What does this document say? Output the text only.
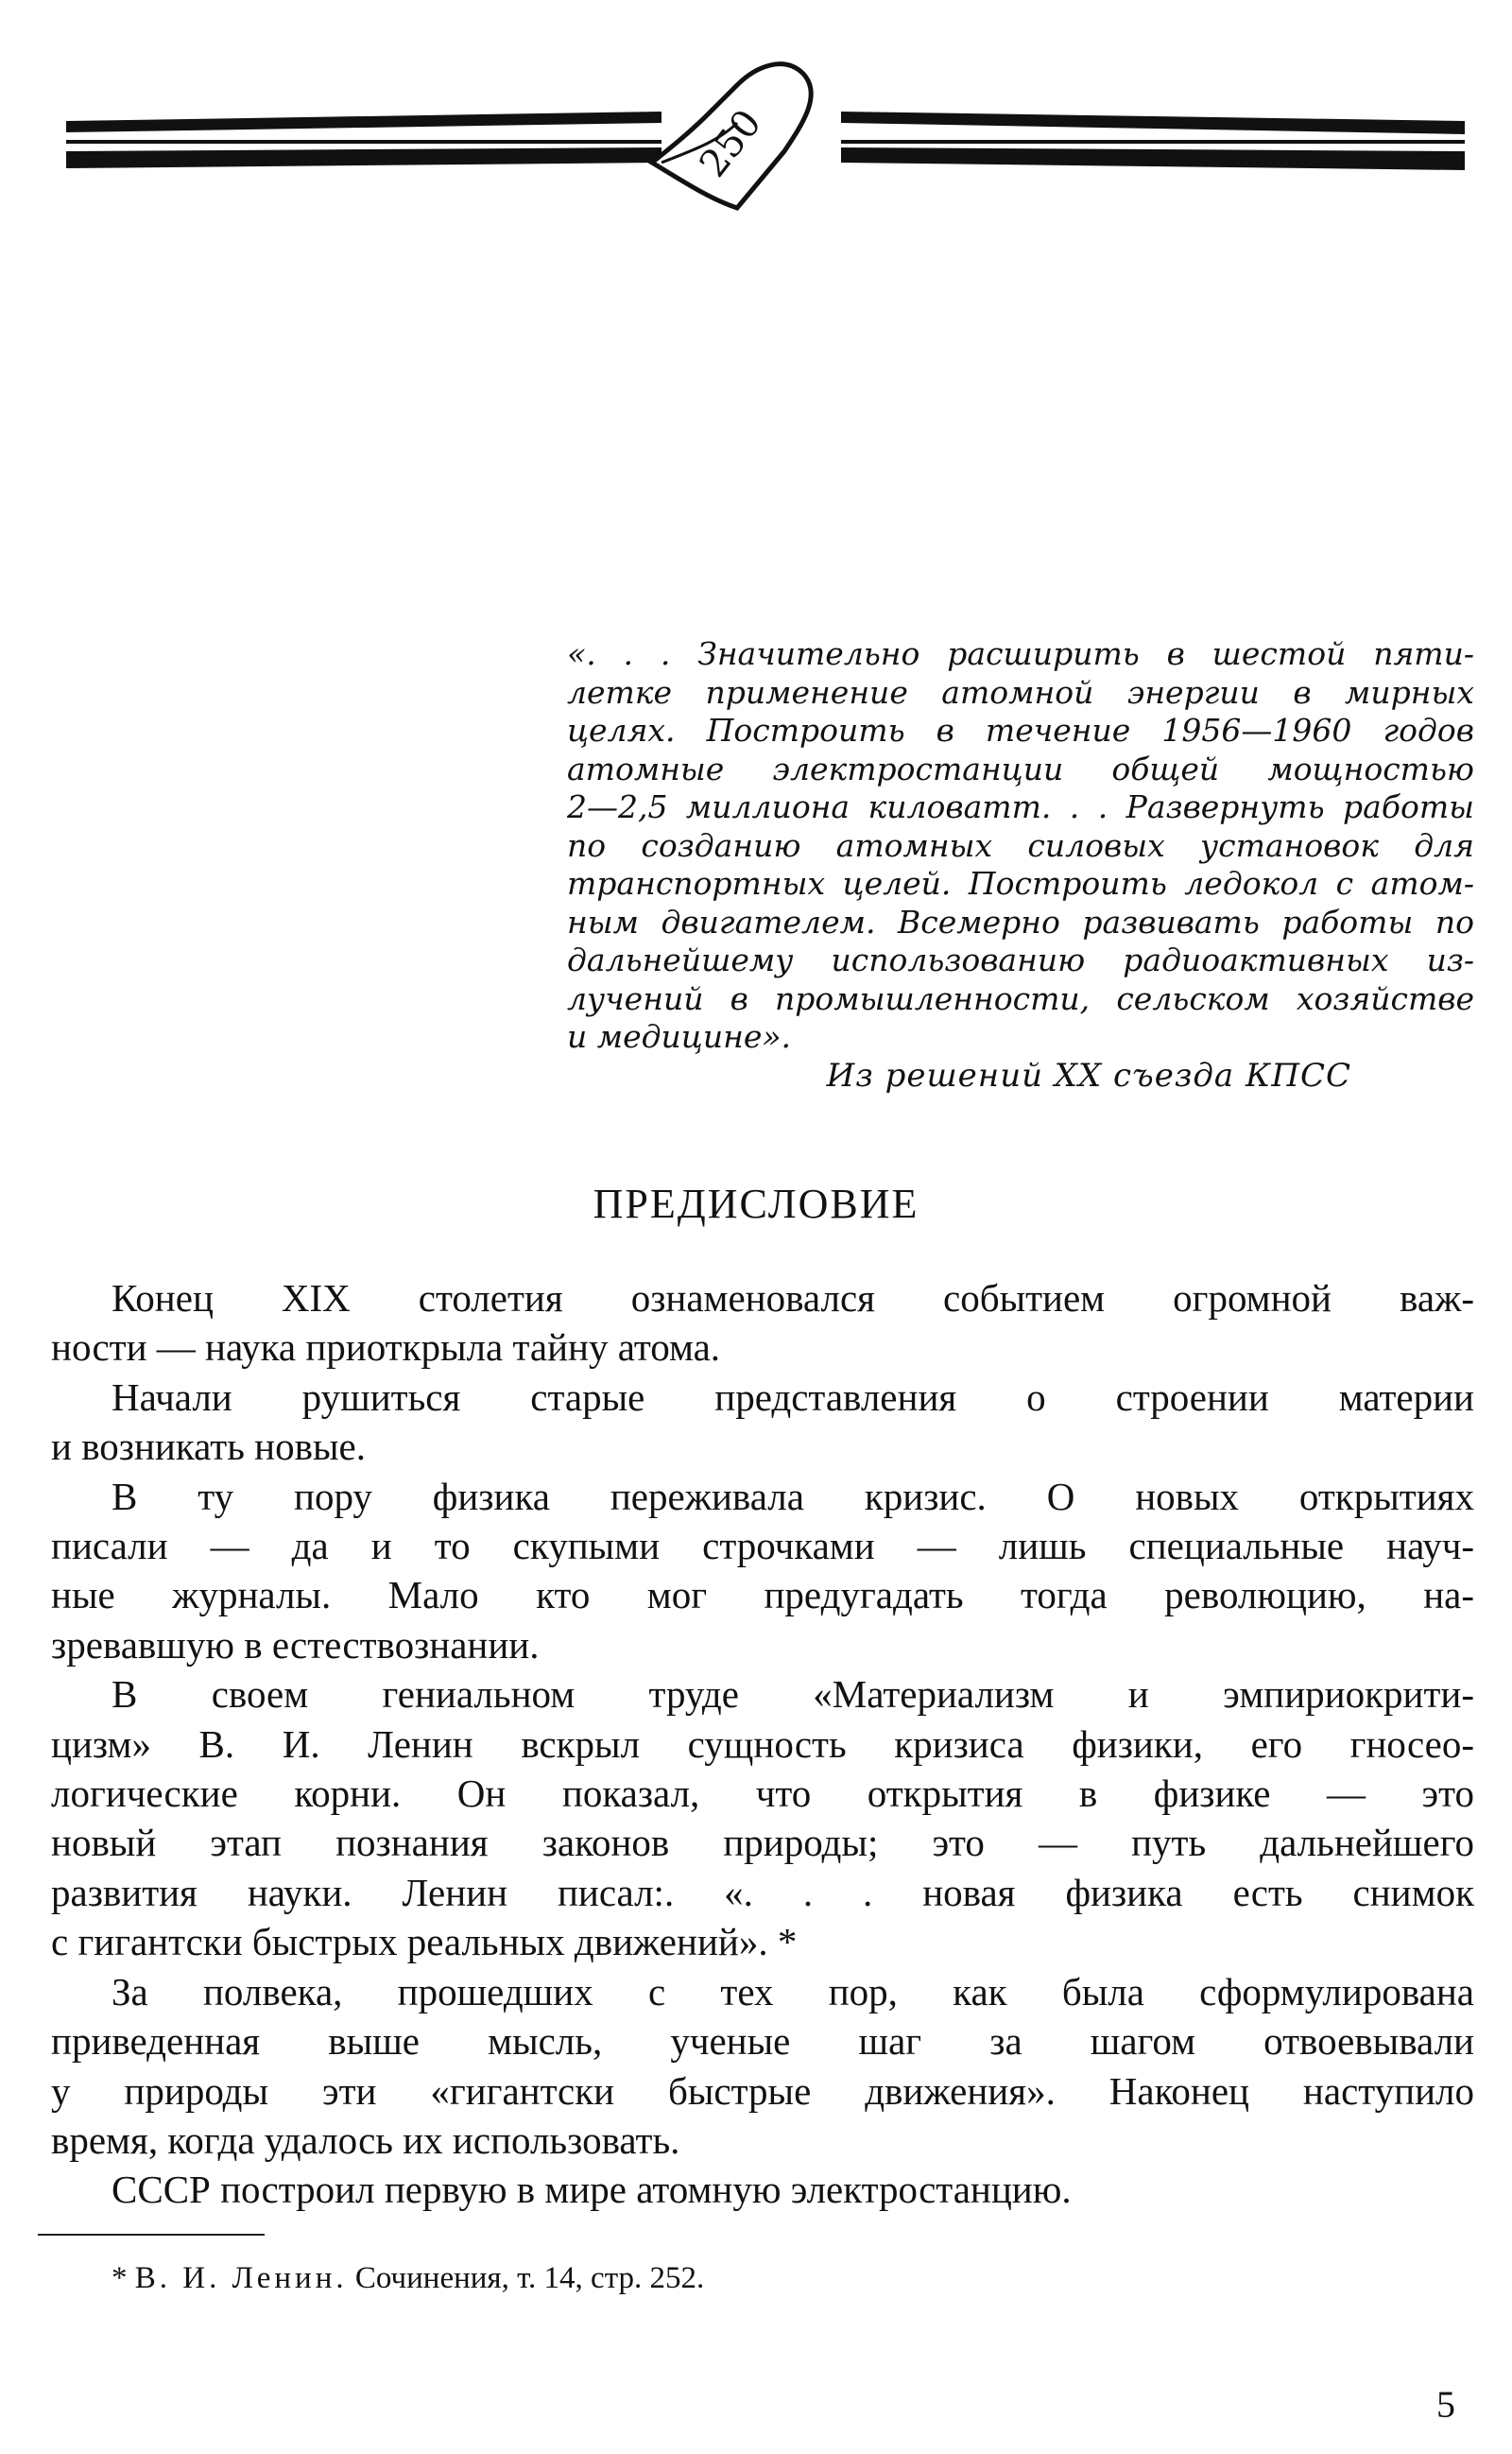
250
«. . . Значительно расширить в шестой пяти-
летке применение атомной энергии в мирных
целях. Построить в течение 1956—1960 годов
атомные электростанции общей мощностью
2—2,5 миллиона киловатт. . . Развернуть работы
по созданию атомных силовых установок для
транспортных целей. Построить ледокол с атом-
ным двигателем. Всемерно развивать работы по
дальнейшему использованию радиоактивных из-
лучений в промышленности, сельском хозяйстве
и медицине».
Из решений XX съезда КПСС
ПРЕДИСЛОВИЕ
Конец XIX столетия ознаменовался событием огромной важ-
ности — наука приоткрыла тайну атома.
Начали рушиться старые представления о строении материи
и возникать новые.
В ту пору физика переживала кризис. О новых открытиях
писали — да и то скупыми строчками — лишь специальные науч-
ные журналы. Мало кто мог предугадать тогда революцию, на-
зревавшую в естествознании.
В своем гениальном труде «Материализм и эмпириокрити-
цизм» В. И. Ленин вскрыл сущность кризиса физики, его гносео-
логические корни. Он показал, что открытия в физике — это
новый этап познания законов природы; это — путь дальнейшего
развития науки. Ленин писал:. «. . . новая физика есть снимок
с гигантски быстрых реальных движений». *
За полвека, прошедших с тех пор, как была сформулирована
приведенная выше мысль, ученые шаг за шагом отвоевывали
у природы эти «гигантски быстрые движения». Наконец наступило
время, когда удалось их использовать.
СССР построил первую в мире атомную электростанцию.
* В. И. Ленин. Сочинения, т. 14, стр. 252.
5
